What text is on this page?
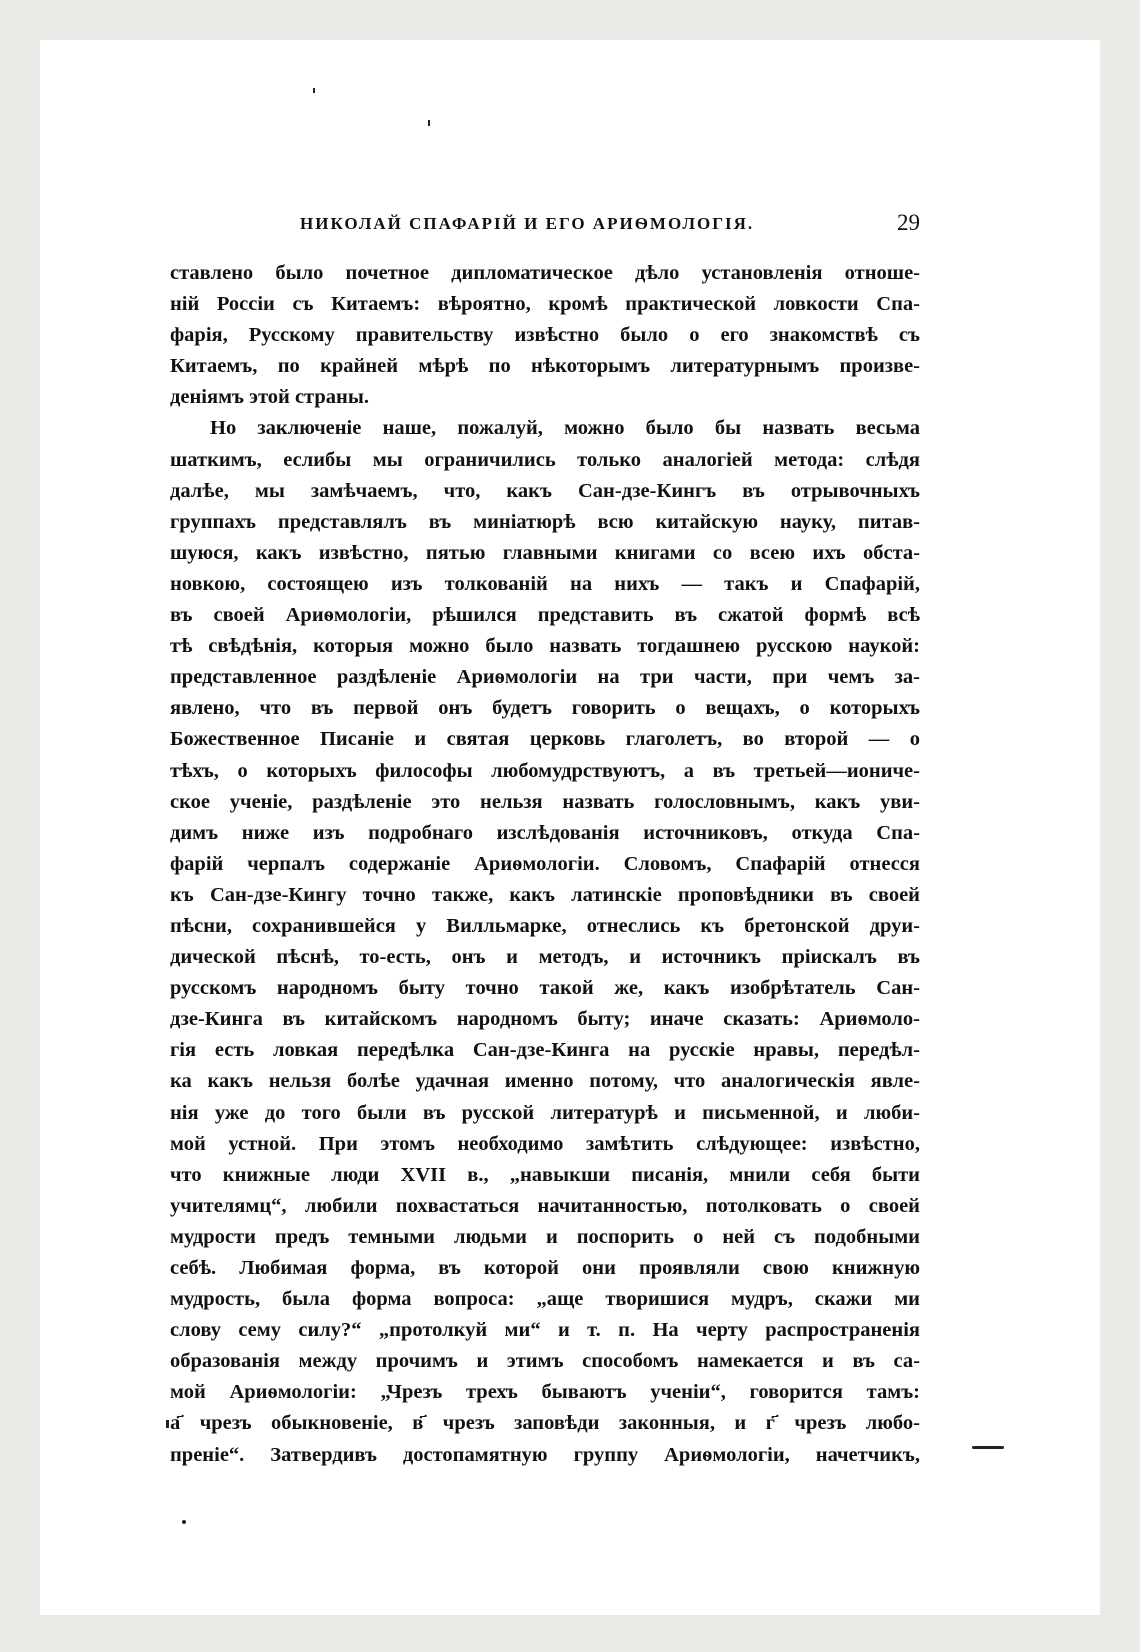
НИКОЛАЙ СПАФАРІЙ И ЕГО АРИѲМОЛОГІЯ.	29
ставлено было почетное дипломатическое дѣло установленія отноше-
ній Россіи съ Китаемъ: вѣроятно, кромѣ практической ловкости Спа-
фарія, Русскому правительству извѣстно было о его знакомствѣ съ
Китаемъ, по крайней мѣрѣ по нѣкоторымъ литературнымъ произве-
деніямъ этой страны.
Но заключеніе наше, пожалуй, можно было бы назвать весьма
шаткимъ, еслибы мы ограничились только аналогіей метода: слѣдя
далѣе, мы замѣчаемъ, что, какъ Сан-дзе-Кингъ въ отрывочныхъ
группахъ представлялъ въ миніатюрѣ всю китайскую науку, питав-
шуюся, какъ извѣстно, пятью главными книгами со всею ихъ обста-
новкою, состоящею изъ толкованій на нихъ — такъ и Спафарій,
въ своей Ариѳмологіи, рѣшился представить въ сжатой формѣ всѣ
тѣ свѣдѣнія, которыя можно было назвать тогдашнею русскою наукой:
представленное раздѣленіе Ариѳмологіи на три части, при чемъ за-
явлено, что въ первой онъ будетъ говорить о вещахъ, о которыхъ
Божественное Писаніе и святая церковь глаголетъ, во второй — о
тѣхъ, о которыхъ философы любомудрствуютъ, а въ третьей—иониче-
ское ученіе, раздѣленіе это нельзя назвать голословнымъ, какъ уви-
димъ ниже изъ подробнаго изслѣдованія источниковъ, откуда Спа-
фарій черпалъ содержаніе Ариѳмологіи. Словомъ, Спафарій отнесся
къ Сан-дзе-Кингу точно также, какъ латинскіе проповѣдники въ своей
пѣсни, сохранившейся у Вилльмарке, отнеслись къ бретонской друи-
дической пѣснѣ, то-есть, онъ и методъ, и источникъ пріискалъ въ
русскомъ народномъ быту точно такой же, какъ изобрѣтатель Сан-
дзе-Кинга въ китайскомъ народномъ быту; иначе сказать: Ариѳмоло-
гія есть ловкая передѣлка Сан-дзе-Кинга на русскіе нравы, передѣл-
ка какъ нельзя болѣе удачная именно потому, что аналогическія явле-
нія уже до того были въ русской литературѣ и письменной, и люби-
мой устной. При этомъ необходимо замѣтить слѣдующее: извѣстно,
что книжные люди XVII в., „навыкши писанія, мнили себя быти
учителямц“, любили похвастаться начитанностью, потолковать о своей
мудрости предъ темными людьми и поспорить о ней съ подобными
себѣ. Любимая форма, въ которой они проявляли свою книжную
мудрость, была форма вопроса: „аще творишися мудръ, скажи ми
слову сему силу?“ „протолкуй ми“ и т. п. На черту распространенія
образованія между прочимъ и этимъ способомъ намекается и въ са-
мой Ариѳмологіи: „Чрезъ трехъ бываютъ ученіи“, говорится тамъ:
а҃ чрезъ обыкновеніе, в҃ чрезъ заповѣди законныя, и г҃ чрезъ любо-
преніе“. Затвердивъ достопамятную группу Ариѳмологіи, начетчикъ,
